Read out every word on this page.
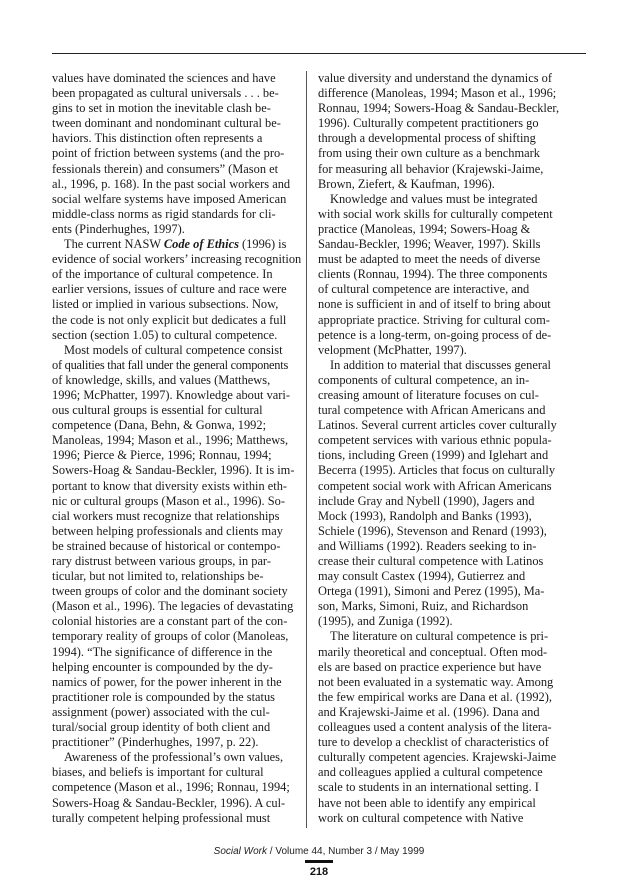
values have dominated the sciences and have
been propagated as cultural universals . . . be-
gins to set in motion the inevitable clash be-
tween dominant and nondominant cultural be-
haviors. This distinction often represents a
point of friction between systems (and the pro-
fessionals therein) and consumers” (Mason et
al., 1996, p. 168). In the past social workers and
social welfare systems have imposed American
middle-class norms as rigid standards for cli-
ents (Pinderhughes, 1997).
The current NASW Code of Ethics (1996) is
evidence of social workers’ increasing recognition
of the importance of cultural competence. In
earlier versions, issues of culture and race were
listed or implied in various subsections. Now,
the code is not only explicit but dedicates a full
section (section 1.05) to cultural competence.
Most models of cultural competence consist
of qualities that fall under the general components
of knowledge, skills, and values (Matthews,
1996; McPhatter, 1997). Knowledge about vari-
ous cultural groups is essential for cultural
competence (Dana, Behn, & Gonwa, 1992;
Manoleas, 1994; Mason et al., 1996; Matthews,
1996; Pierce & Pierce, 1996; Ronnau, 1994;
Sowers-Hoag & Sandau-Beckler, 1996). It is im-
portant to know that diversity exists within eth-
nic or cultural groups (Mason et al., 1996). So-
cial workers must recognize that relationships
between helping professionals and clients may
be strained because of historical or contempo-
rary distrust between various groups, in par-
ticular, but not limited to, relationships be-
tween groups of color and the dominant society
(Mason et al., 1996). The legacies of devastating
colonial histories are a constant part of the con-
temporary reality of groups of color (Manoleas,
1994). “The significance of difference in the
helping encounter is compounded by the dy-
namics of power, for the power inherent in the
practitioner role is compounded by the status
assignment (power) associated with the cul-
tural/social group identity of both client and
practitioner” (Pinderhughes, 1997, p. 22).
Awareness of the professional’s own values,
biases, and beliefs is important for cultural
competence (Mason et al., 1996; Ronnau, 1994;
Sowers-Hoag & Sandau-Beckler, 1996). A cul-
turally competent helping professional must
value diversity and understand the dynamics of
difference (Manoleas, 1994; Mason et al., 1996;
Ronnau, 1994; Sowers-Hoag & Sandau-Beckler,
1996). Culturally competent practitioners go
through a developmental process of shifting
from using their own culture as a benchmark
for measuring all behavior (Krajewski-Jaime,
Brown, Ziefert, & Kaufman, 1996).
Knowledge and values must be integrated
with social work skills for culturally competent
practice (Manoleas, 1994; Sowers-Hoag &
Sandau-Beckler, 1996; Weaver, 1997). Skills
must be adapted to meet the needs of diverse
clients (Ronnau, 1994). The three components
of cultural competence are interactive, and
none is sufficient in and of itself to bring about
appropriate practice. Striving for cultural com-
petence is a long-term, on-going process of de-
velopment (McPhatter, 1997).
In addition to material that discusses general
components of cultural competence, an in-
creasing amount of literature focuses on cul-
tural competence with African Americans and
Latinos. Several current articles cover culturally
competent services with various ethnic popula-
tions, including Green (1999) and Iglehart and
Becerra (1995). Articles that focus on culturally
competent social work with African Americans
include Gray and Nybell (1990), Jagers and
Mock (1993), Randolph and Banks (1993),
Schiele (1996), Stevenson and Renard (1993),
and Williams (1992). Readers seeking to in-
crease their cultural competence with Latinos
may consult Castex (1994), Gutierrez and
Ortega (1991), Simoni and Perez (1995), Ma-
son, Marks, Simoni, Ruiz, and Richardson
(1995), and Zuniga (1992).
The literature on cultural competence is pri-
marily theoretical and conceptual. Often mod-
els are based on practice experience but have
not been evaluated in a systematic way. Among
the few empirical works are Dana et al. (1992),
and Krajewski-Jaime et al. (1996). Dana and
colleagues used a content analysis of the litera-
ture to develop a checklist of characteristics of
culturally competent agencies. Krajewski-Jaime
and colleagues applied a cultural competence
scale to students in an international setting. I
have not been able to identify any empirical
work on cultural competence with Native
Social Work / Volume 44, Number 3 / May 1999
218
